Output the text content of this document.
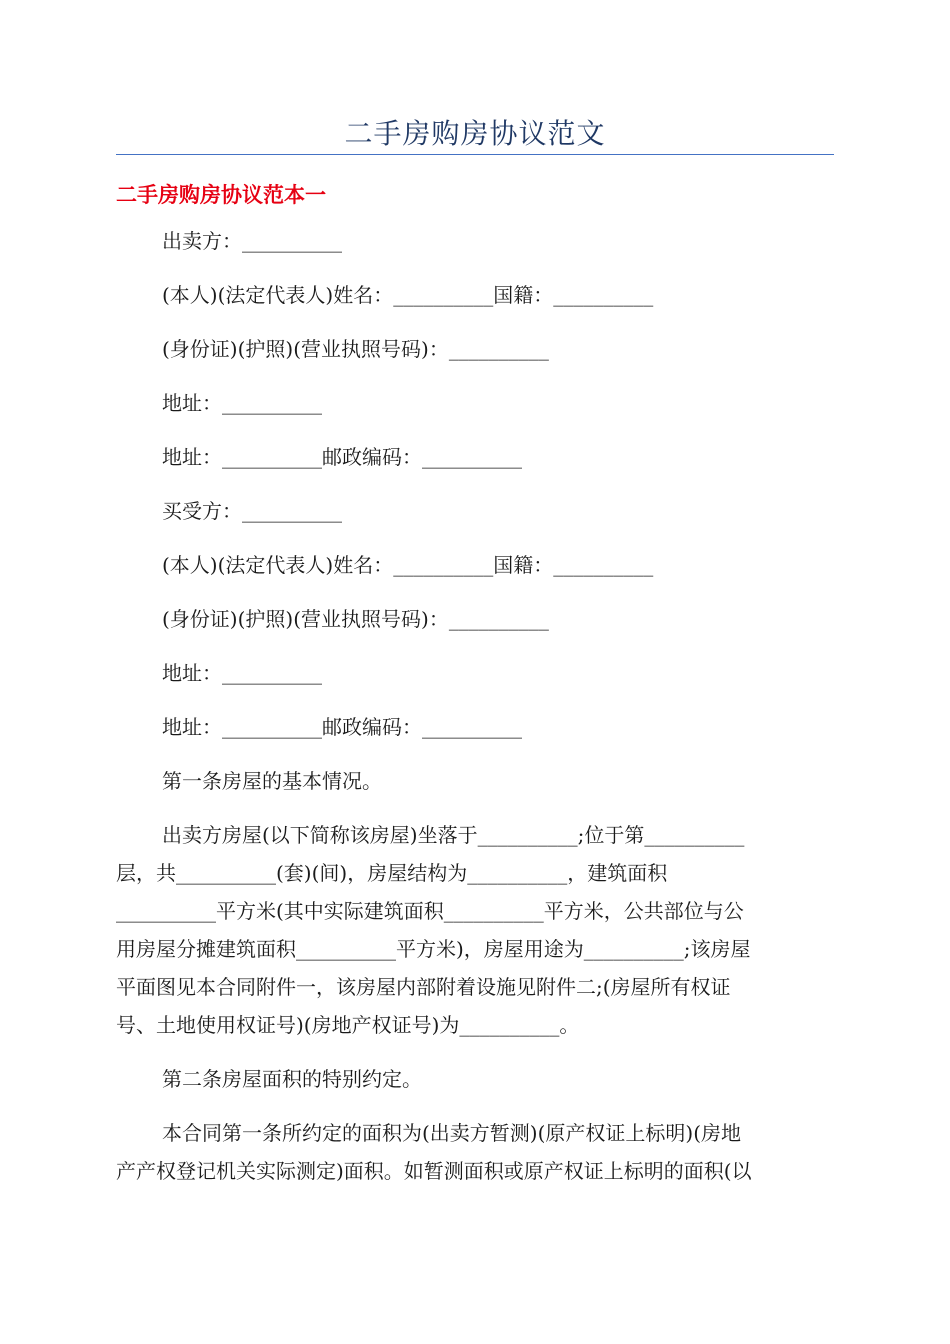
二手房购房协议范文
二手房购房协议范本一
出卖方：__________
(本人)(法定代表人)姓名：__________国籍：__________
(身份证)(护照)(营业执照号码)：__________
地址：__________
地址：__________邮政编码：__________
买受方：__________
(本人)(法定代表人)姓名：__________国籍：__________
(身份证)(护照)(营业执照号码)：__________
地址：__________
地址：__________邮政编码：__________
第一条房屋的基本情况。
出卖方房屋(以下简称该房屋)坐落于__________;位于第__________
层，共__________(套)(间)，房屋结构为__________，建筑面积
__________平方米(其中实际建筑面积__________平方米，公共部位与公
用房屋分摊建筑面积__________平方米)，房屋用途为__________;该房屋
平面图见本合同附件一，该房屋内部附着设施见附件二;(房屋所有权证
号、土地使用权证号)(房地产权证号)为__________。
第二条房屋面积的特别约定。
本合同第一条所约定的面积为(出卖方暂测)(原产权证上标明)(房地
产产权登记机关实际测定)面积。如暂测面积或原产权证上标明的面积(以
